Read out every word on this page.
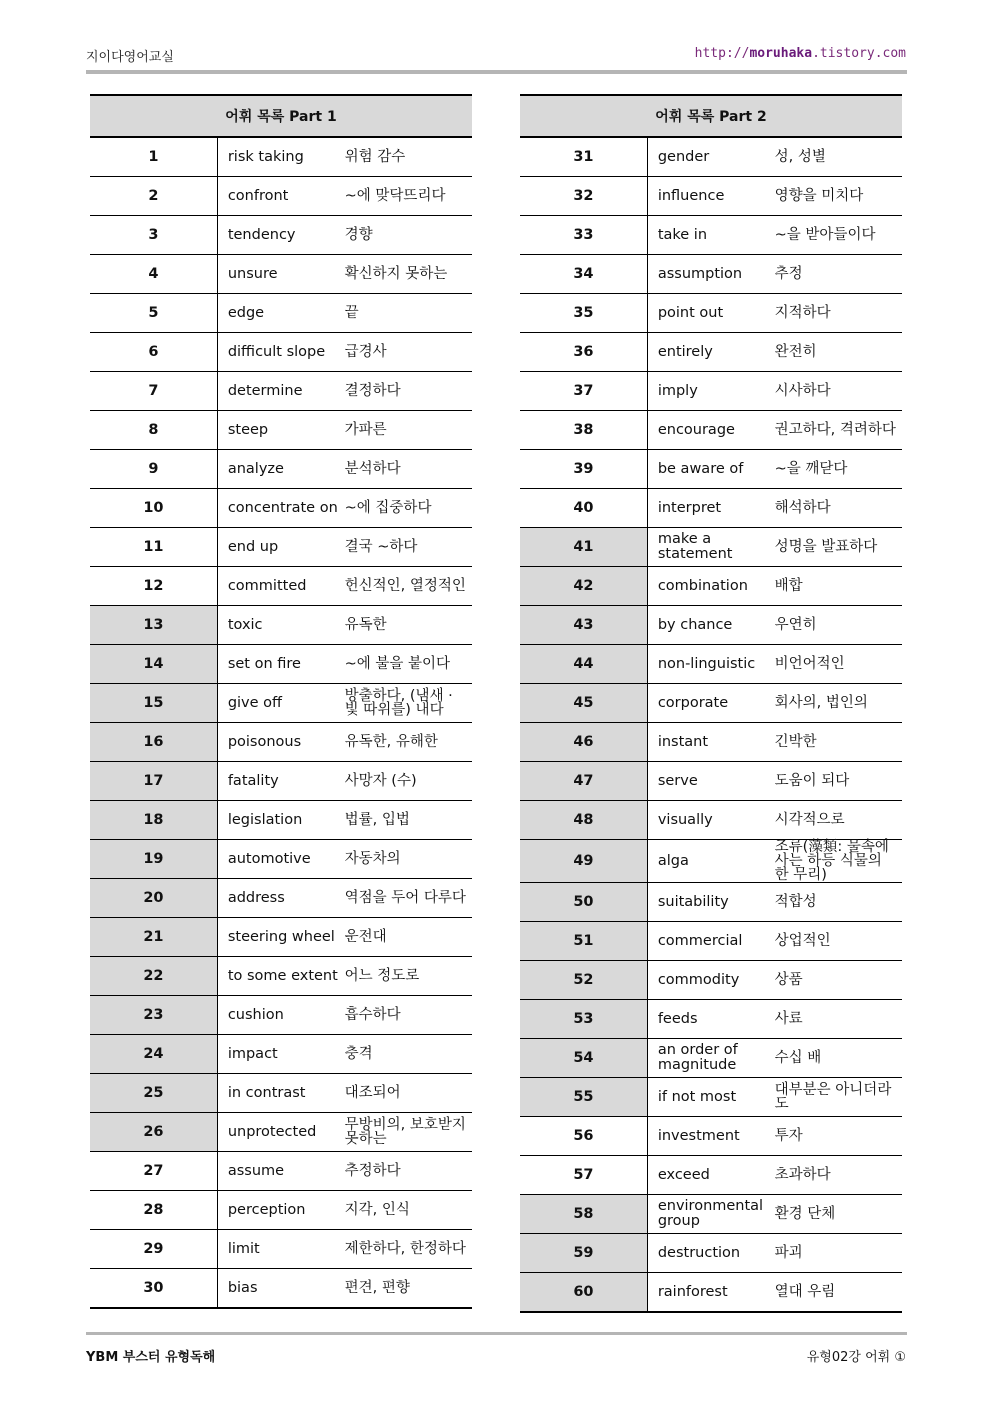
지이다영어교실	http://moruhaka.tistory.com
어휘 목록 Part 1		
1	risk taking	위험 감수
2	confront	~에 맞닥뜨리다
3	tendency	경향
4	unsure	확신하지 못하는
5	edge	끝
6	difficult slope	급경사
7	determine	결정하다
8	steep	가파른
9	analyze	분석하다
10	concentrate on	~에 집중하다
11	end up	결국 ~하다
12	committed	헌신적인, 열정적인
13	toxic	유독한
14	set on fire	~에 불을 붙이다
15	give off	방출하다, (냄새 · 빛 따위를) 내다
16	poisonous	유독한, 유해한
17	fatality	사망자 (수)
18	legislation	법률, 입법
19	automotive	자동차의
20	address	역점을 두어 다루다
21	steering wheel	운전대
22	to some extent	어느 정도로
23	cushion	흡수하다
24	impact	충격
25	in contrast	대조되어
26	unprotected	무방비의, 보호받지 못하는
27	assume	추정하다
28	perception	지각, 인식
29	limit	제한하다, 한정하다
30	bias	편견, 편향
어휘 목록 Part 2		
31	gender	성, 성별
32	influence	영향을 미치다
33	take in	~을 받아들이다
34	assumption	추정
35	point out	지적하다
36	entirely	완전히
37	imply	시사하다
38	encourage	권고하다, 격려하다
39	be aware of	~을 깨닫다
40	interpret	해석하다
41	make a statement	성명을 발표하다
42	combination	배합
43	by chance	우연히
44	non-linguistic	비언어적인
45	corporate	회사의, 법인의
46	instant	긴박한
47	serve	도움이 되다
48	visually	시각적으로
49	alga	조류(藻類: 물속에 사는 하등 식물의 한 무리)
50	suitability	적합성
51	commercial	상업적인
52	commodity	상품
53	feeds	사료
54	an order of magnitude	수십 배
55	if not most	대부분은 아니더라도
56	investment	투자
57	exceed	초과하다
58	environmental group	환경 단체
59	destruction	파괴
60	rainforest	열대 우림
YBM 부스터 유형독해	유형02강 어휘 ①
